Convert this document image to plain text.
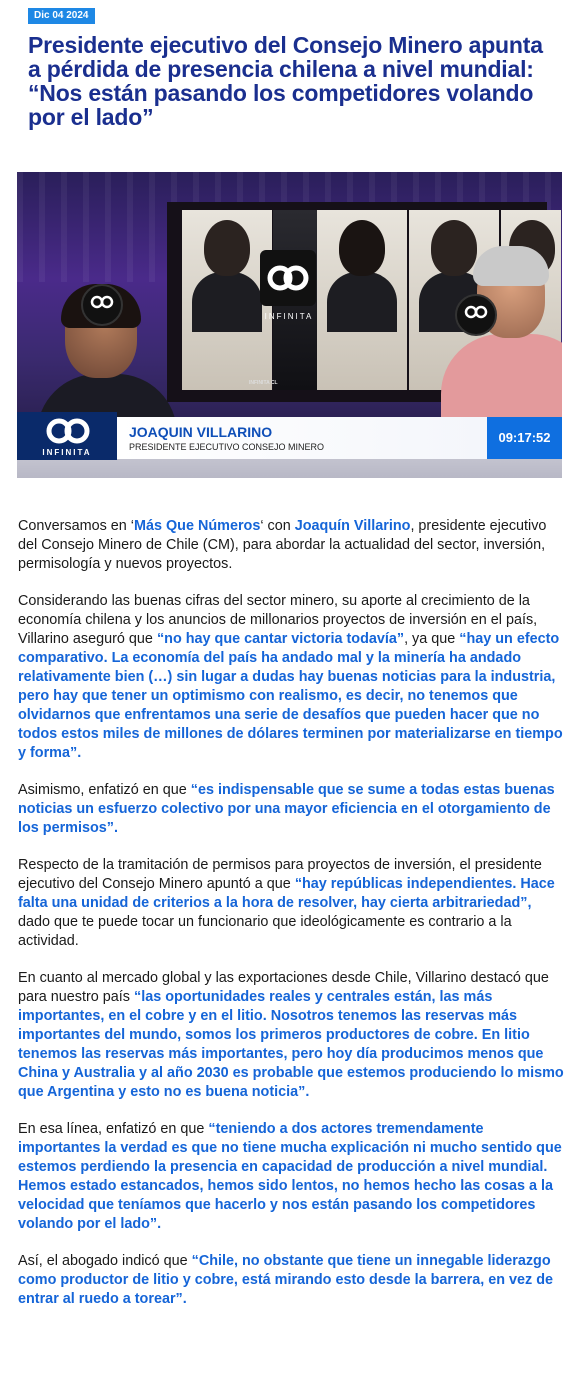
Dic 04 2024
Presidente ejecutivo del Consejo Minero apunta a pérdida de presencia chilena a nivel mundial: “Nos están pasando los competidores volando por el lado”
INFINITA
INFINITA CL
INFINITA
JOAQUIN VILLARINO
PRESIDENTE EJECUTIVO CONSEJO MINERO
09:17:52

Conversamos en ‘Más Que Números‘ con Joaquín Villarino, presidente ejecutivo del Consejo Minero de Chile (CM), para abordar la actualidad del sector, inversión, permisología y nuevos proyectos.

Considerando las buenas cifras del sector minero, su aporte al crecimiento de la economía chilena y los anuncios de millonarios proyectos de inversión en el país, Villarino aseguró que “no hay que cantar victoria todavía”, ya que “hay un efecto comparativo. La economía del país ha andado mal y la minería ha andado relativamente bien (…) sin lugar a dudas hay buenas noticias para la industria, pero hay que tener un optimismo con realismo, es decir, no tenemos que olvidarnos que enfrentamos una serie de desafíos que pueden hacer que no todos estos miles de millones de dólares terminen por materializarse en tiempo y forma”.

Asimismo, enfatizó en que “es indispensable que se sume a todas estas buenas noticias un esfuerzo colectivo por una mayor eficiencia en el otorgamiento de los permisos”.

Respecto de la tramitación de permisos para proyectos de inversión, el presidente ejecutivo del Consejo Minero apuntó a que “hay repúblicas independientes. Hace falta una unidad de criterios a la hora de resolver, hay cierta arbitrariedad”, dado que te puede tocar un funcionario que ideológicamente es contrario a la actividad.

En cuanto al mercado global y las exportaciones desde Chile, Villarino destacó que para nuestro país “las oportunidades reales y centrales están, las más importantes, en el cobre y en el litio. Nosotros tenemos las reservas más importantes del mundo, somos los primeros productores de cobre. En litio tenemos las reservas más importantes, pero hoy día producimos menos que China y Australia y al año 2030 es probable que estemos produciendo lo mismo que Argentina y esto no es buena noticia”.

En esa línea, enfatizó en que “teniendo a dos actores tremendamente importantes la verdad es que no tiene mucha explicación ni mucho sentido que estemos perdiendo la presencia en capacidad de producción a nivel mundial. Hemos estado estancados, hemos sido lentos, no hemos hecho las cosas a la velocidad que teníamos que hacerlo y nos están pasando los competidores volando por el lado”.

Así, el abogado indicó que “Chile, no obstante que tiene un innegable liderazgo como productor de litio y cobre, está mirando esto desde la barrera, en vez de entrar al ruedo a torear”.
